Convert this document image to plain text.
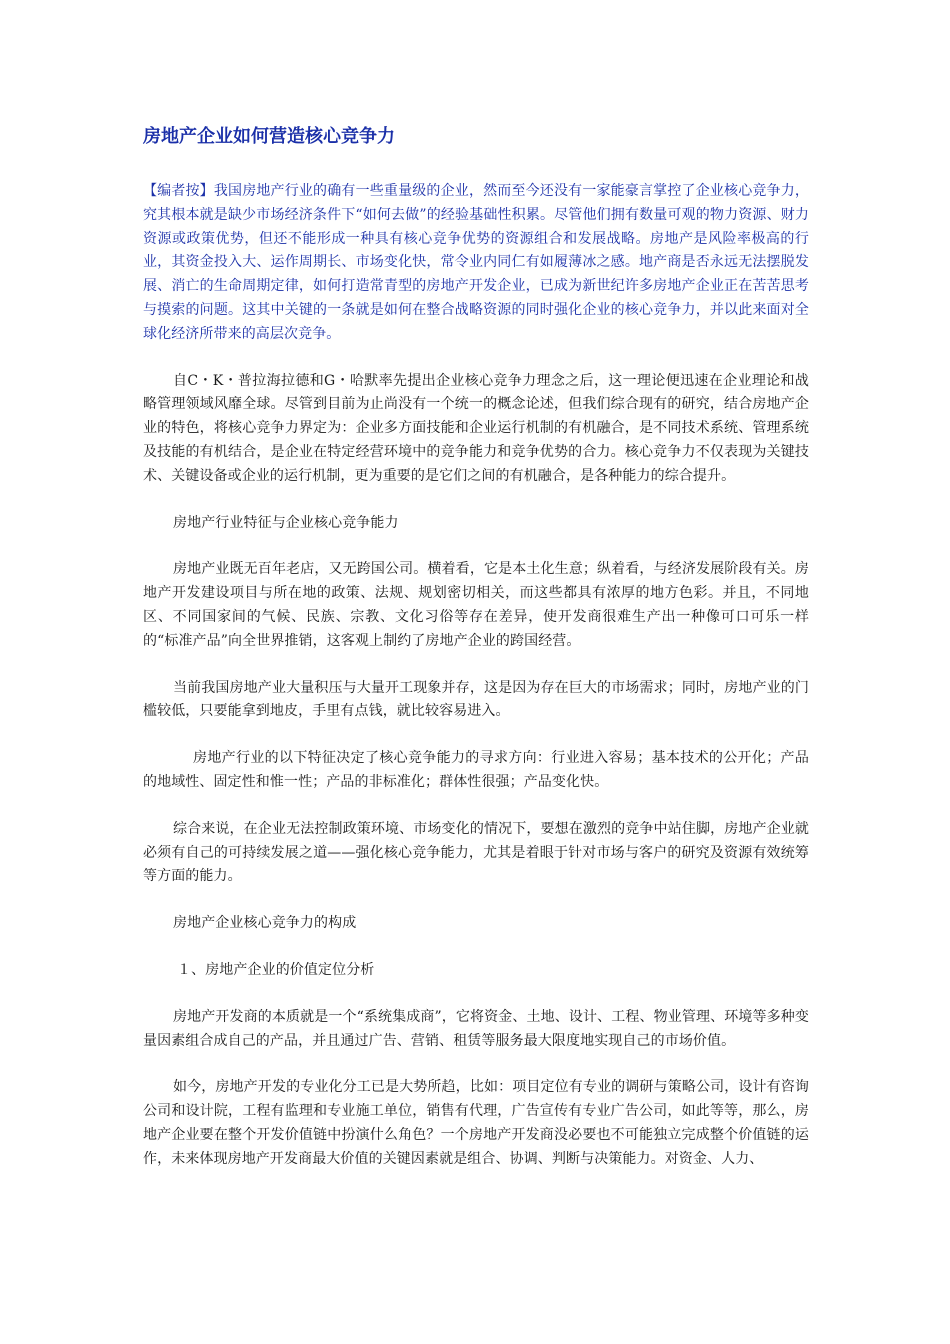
房地产企业如何营造核心竞争力

【编者按】我国房地产行业的确有一些重量级的企业，然而至今还没有一家能豪言掌控了企业核心竞争力，究其根本就是缺少市场经济条件下“如何去做”的经验基础性积累。尽管他们拥有数量可观的物力资源、财力资源或政策优势，但还不能形成一种具有核心竞争优势的资源组合和发展战略。房地产是风险率极高的行业，其资金投入大、运作周期长、市场变化快，常令业内同仁有如履薄冰之感。地产商是否永远无法摆脱发展、消亡的生命周期定律，如何打造常青型的房地产开发企业，已成为新世纪许多房地产企业正在苦苦思考与摸索的问题。这其中关键的一条就是如何在整合战略资源的同时强化企业的核心竞争力，并以此来面对全球化经济所带来的高层次竞争。

自C・K・普拉海拉德和G・哈默率先提出企业核心竞争力理念之后，这一理论便迅速在企业理论和战略管理领域风靡全球。尽管到目前为止尚没有一个统一的概念论述，但我们综合现有的研究，结合房地产企业的特色，将核心竞争力界定为：企业多方面技能和企业运行机制的有机融合，是不同技术系统、管理系统及技能的有机结合，是企业在特定经营环境中的竞争能力和竞争优势的合力。核心竞争力不仅表现为关键技术、关键设备或企业的运行机制，更为重要的是它们之间的有机融合，是各种能力的综合提升。

房地产行业特征与企业核心竞争能力

房地产业既无百年老店，又无跨国公司。横着看，它是本土化生意；纵着看，与经济发展阶段有关。房地产开发建设项目与所在地的政策、法规、规划密切相关，而这些都具有浓厚的地方色彩。并且，不同地区、不同国家间的气候、民族、宗教、文化习俗等存在差异，使开发商很难生产出一种像可口可乐一样的“标准产品”向全世界推销，这客观上制约了房地产企业的跨国经营。

当前我国房地产业大量积压与大量开工现象并存，这是因为存在巨大的市场需求；同时，房地产业的门槛较低，只要能拿到地皮，手里有点钱，就比较容易进入。

房地产行业的以下特征决定了核心竞争能力的寻求方向：行业进入容易；基本技术的公开化；产品的地域性、固定性和惟一性；产品的非标准化；群体性很强；产品变化快。

综合来说，在企业无法控制政策环境、市场变化的情况下，要想在激烈的竞争中站住脚，房地产企业就必须有自己的可持续发展之道——强化核心竞争能力，尤其是着眼于针对市场与客户的研究及资源有效统筹等方面的能力。

房地产企业核心竞争力的构成

１、房地产企业的价值定位分析

房地产开发商的本质就是一个“系统集成商”，它将资金、土地、设计、工程、物业管理、环境等多种变量因素组合成自己的产品，并且通过广告、营销、租赁等服务最大限度地实现自己的市场价值。

如今，房地产开发的专业化分工已是大势所趋，比如：项目定位有专业的调研与策略公司，设计有咨询公司和设计院，工程有监理和专业施工单位，销售有代理，广告宣传有专业广告公司，如此等等，那么，房地产企业要在整个开发价值链中扮演什么角色？一个房地产开发商没必要也不可能独立完成整个价值链的运作，未来体现房地产开发商最大价值的关键因素就是组合、协调、判断与决策能力。对资金、人力、
